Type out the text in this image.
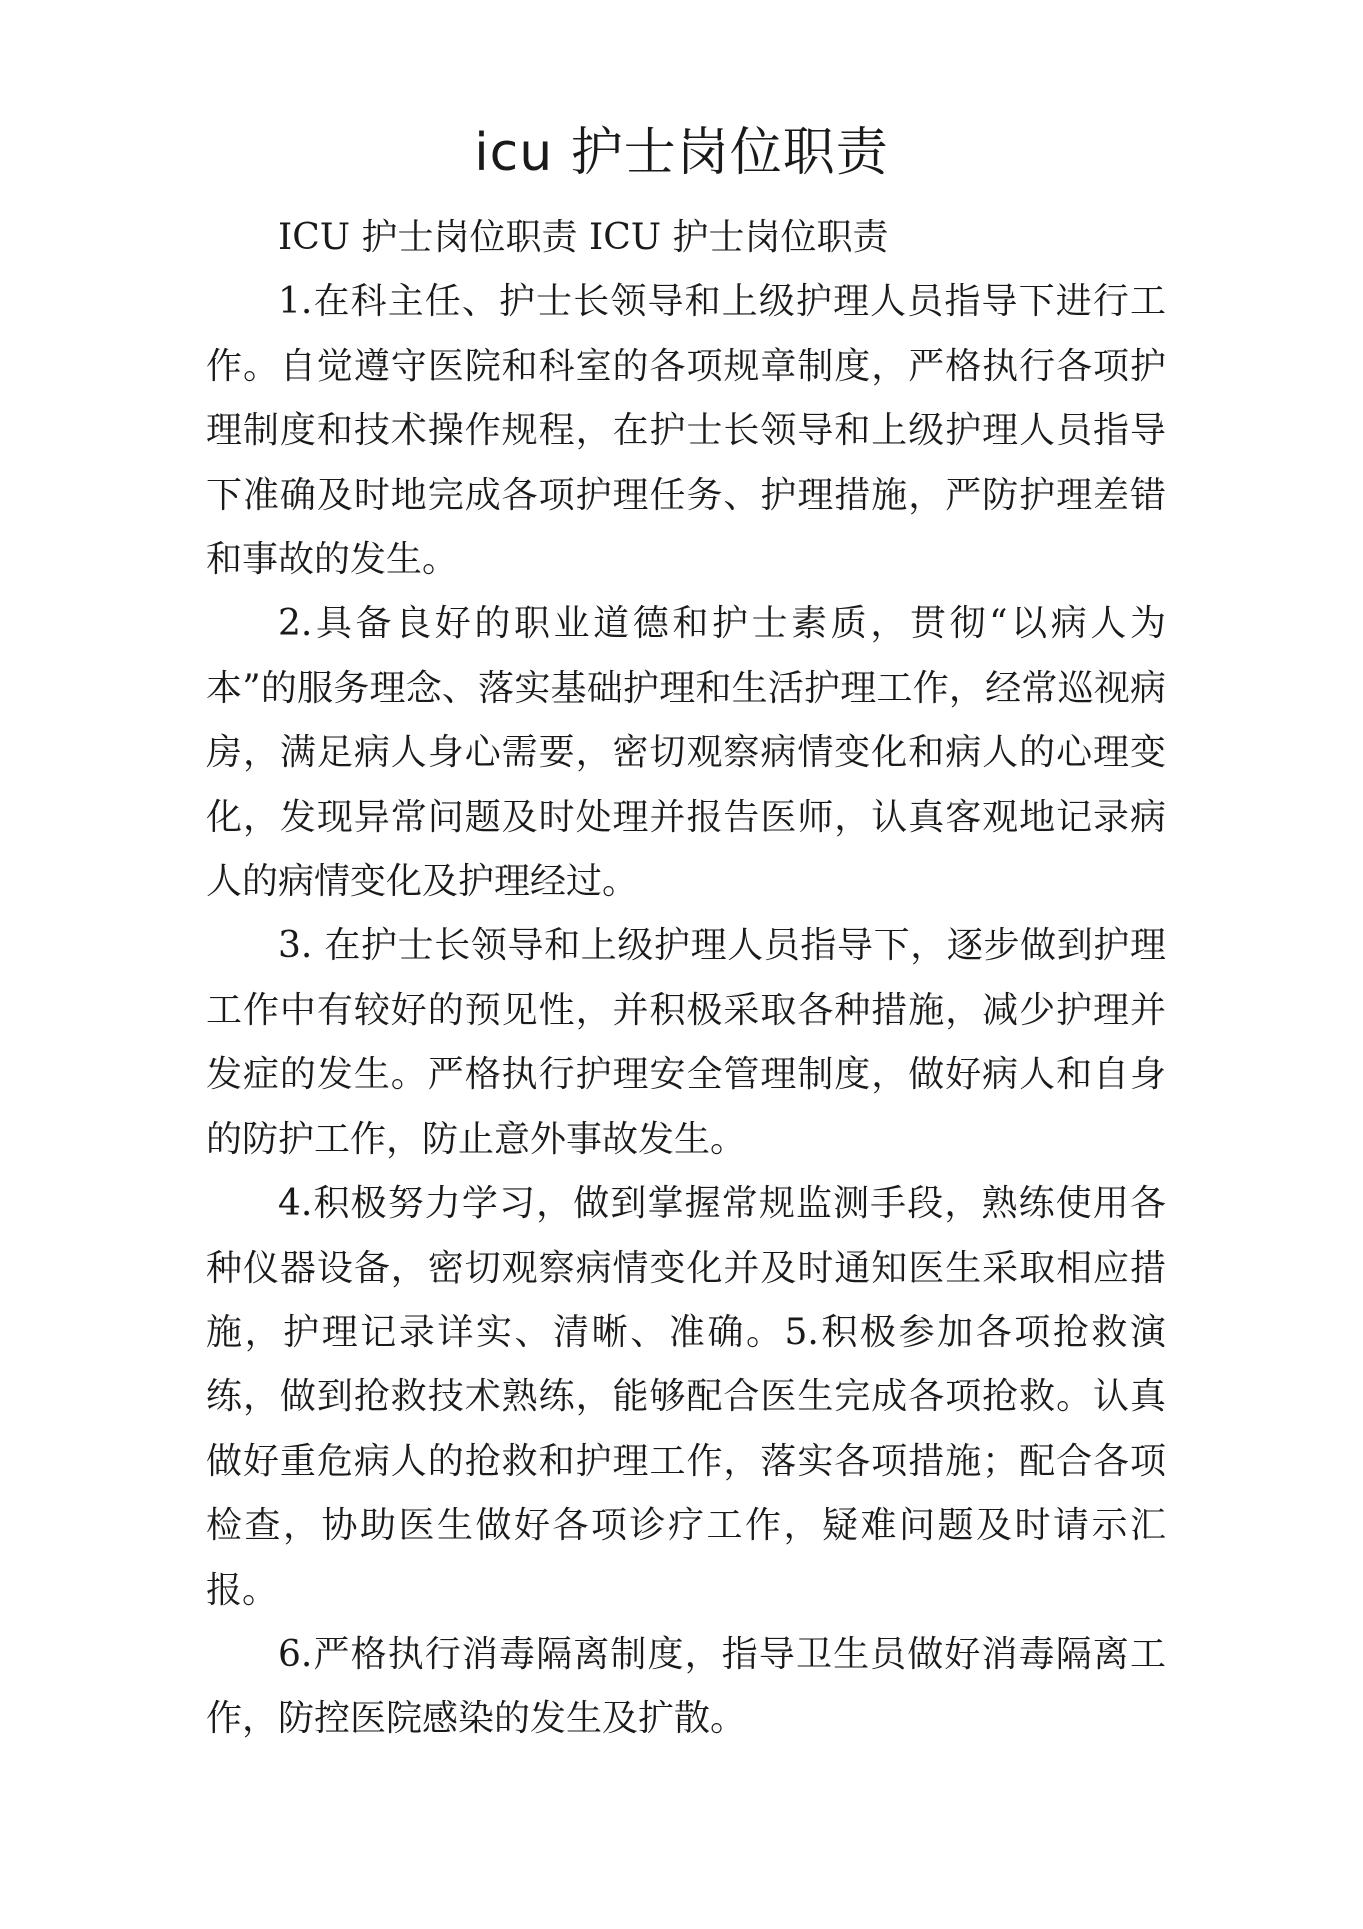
icu 护士岗位职责

ICU 护士岗位职责 ICU 护士岗位职责

1.在科主任、护士长领导和上级护理人员指导下进行工作。自觉遵守医院和科室的各项规章制度，严格执行各项护理制度和技术操作规程，在护士长领导和上级护理人员指导下准确及时地完成各项护理任务、护理措施，严防护理差错和事故的发生。

2.具备良好的职业道德和护士素质，贯彻“以病人为本”的服务理念、落实基础护理和生活护理工作，经常巡视病房，满足病人身心需要，密切观察病情变化和病人的心理变化，发现异常问题及时处理并报告医师，认真客观地记录病人的病情变化及护理经过。

3. 在护士长领导和上级护理人员指导下，逐步做到护理工作中有较好的预见性，并积极采取各种措施，减少护理并发症的发生。严格执行护理安全管理制度，做好病人和自身的防护工作，防止意外事故发生。

4.积极努力学习，做到掌握常规监测手段，熟练使用各种仪器设备，密切观察病情变化并及时通知医生采取相应措施，护理记录详实、清晰、准确。5.积极参加各项抢救演练，做到抢救技术熟练，能够配合医生完成各项抢救。认真做好重危病人的抢救和护理工作，落实各项措施；配合各项检查，协助医生做好各项诊疗工作，疑难问题及时请示汇报。

6.严格执行消毒隔离制度，指导卫生员做好消毒隔离工作，防控医院感染的发生及扩散。
